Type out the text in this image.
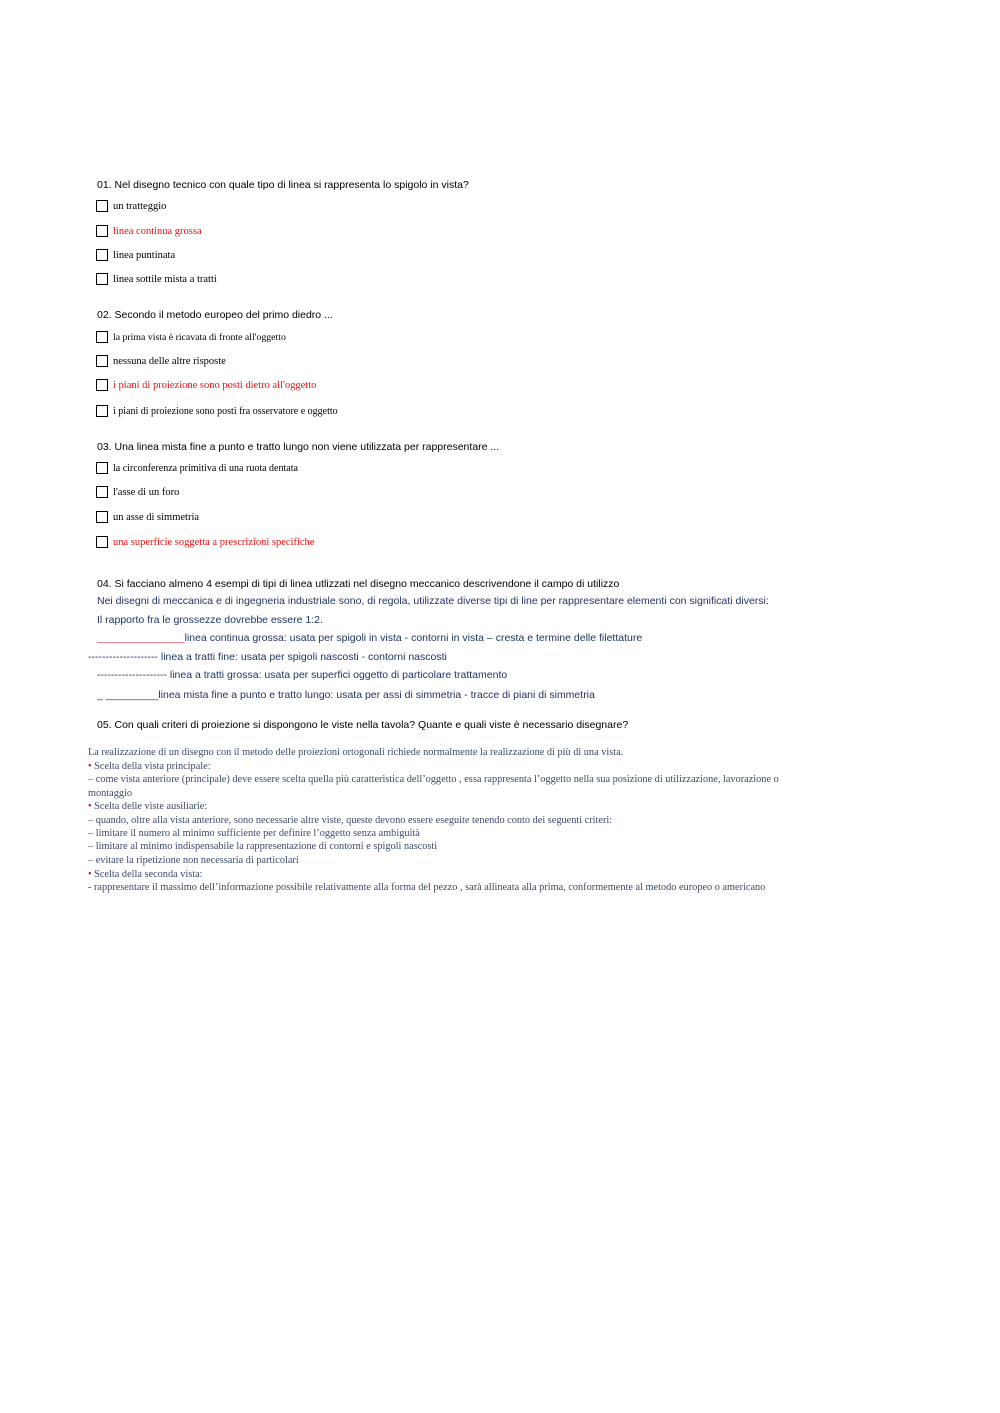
01. Nel disegno tecnico con quale tipo di linea si rappresenta lo spigolo in vista?
un tratteggio
linea continua grossa
linea puntinata
linea sottile mista a tratti
02. Secondo il metodo europeo del primo diedro ...
la prima vista è ricavata di fronte all'oggetto
nessuna delle altre risposte
i piani di proiezione sono posti dietro all'oggetto
i piani di proiezione sono posti fra osservatore e oggetto
03. Una linea mista fine a punto e tratto lungo non viene utilizzata per rappresentare ...
la circonferenza primitiva di una ruota dentata
l'asse di un foro
un asse di simmetria
una superficie soggetta a prescrizioni specifiche
04. Si facciano almeno 4 esempi di tipi di linea utlizzati nel disegno meccanico descrivendone il campo di utilizzo
Nei disegni di meccanica e di ingegneria industriale sono, di regola, utilizzate diverse tipi di line per rappresentare elementi con significati diversi:
Il rapporto fra le grossezze dovrebbe essere 1:2.
_______________linea continua grossa: usata per spigoli in vista - contorni in vista – cresta e termine delle filettature
-------------------- linea a tratti fine: usata per spigoli nascosti - contorni nascosti
-------------------- linea a tratti grossa: usata per superfici oggetto di particolare trattamento
_ _________linea mista fine a punto e tratto lungo: usata per assi di simmetria - tracce di piani di simmetria
05. Con quali criteri di proiezione si dispongono le viste nella tavola? Quante e quali viste è necessario disegnare?
La realizzazione di un disegno con il metodo delle proiezioni ortogonali richiede normalmente la realizzazione di più di una vista.
• Scelta della vista principale:
– come vista anteriore (principale) deve essere scelta quella più caratteristica dell’oggetto , essa rappresenta l’oggetto nella sua posizione di utilizzazione, lavorazione o
montaggio
• Scelta delle viste ausiliarie:
– quando, oltre alla vista anteriore, sono necessarie altre viste, queste devono essere eseguite tenendo conto dei seguenti criteri:
– limitare il numero al minimo sufficiente per definire l’oggetto senza ambiguità
– limitare al minimo indispensabile la rappresentazione di contorni e spigoli nascosti
– evitare la ripetizione non necessaria di particolari
• Scelta della seconda vista:
- rappresentare il massimo dell’informazione possibile relativamente alla forma del pezzo , sarà allineata alla prima, conformemente al metodo europeo o americano
